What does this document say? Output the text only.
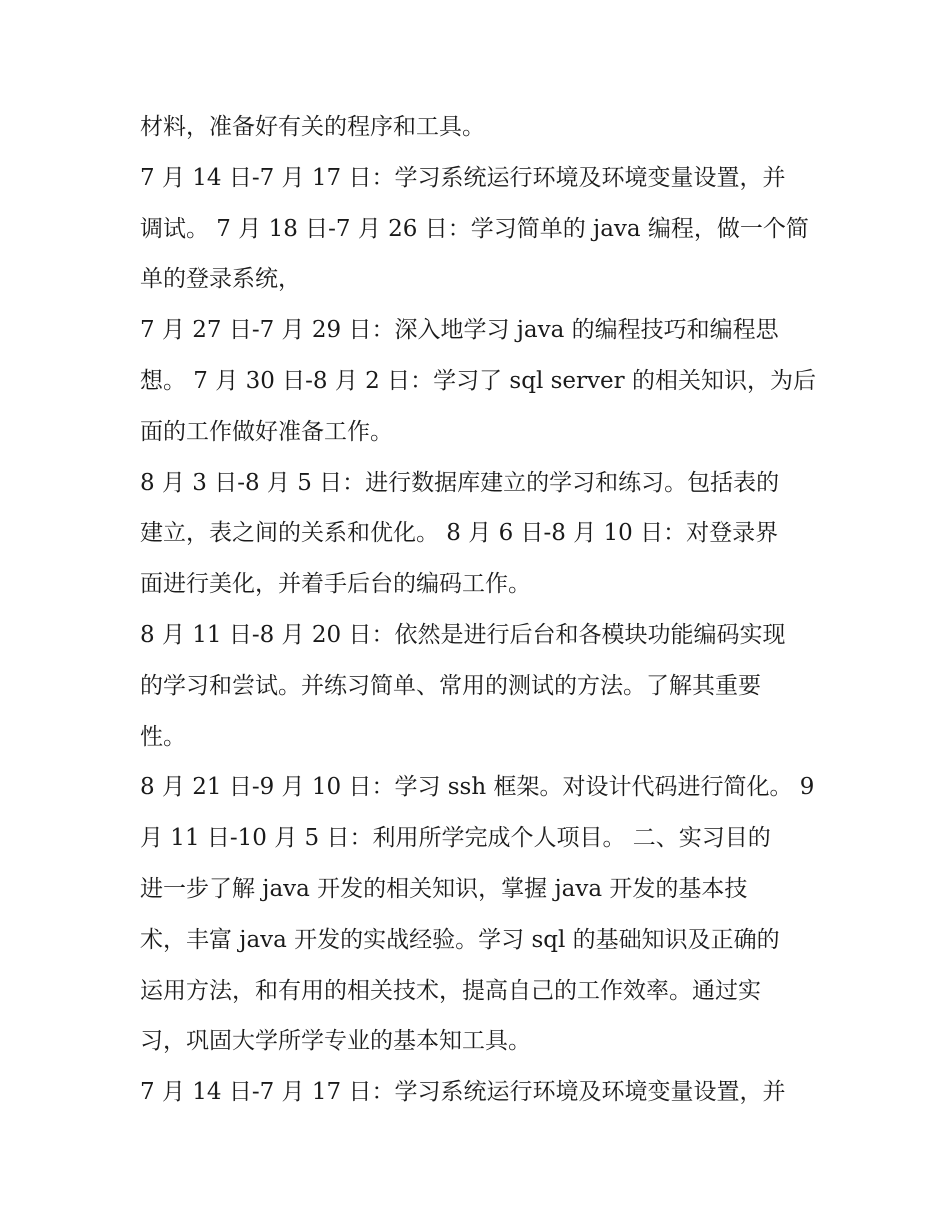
材料，准备好有关的程序和工具。
7 月 14 日-7 月 17 日：学习系统运行环境及环境变量设置，并
调试。 7 月 18 日-7 月 26 日：学习简单的 java 编程，做一个简
单的登录系统，
7 月 27 日-7 月 29 日：深入地学习 java 的编程技巧和编程思
想。 7 月 30 日-8 月 2 日：学习了 sql server 的相关知识，为后
面的工作做好准备工作。
8 月 3 日-8 月 5 日：进行数据库建立的学习和练习。包括表的
建立，表之间的关系和优化。 8 月 6 日-8 月 10 日：对登录界
面进行美化，并着手后台的编码工作。
8 月 11 日-8 月 20 日：依然是进行后台和各模块功能编码实现
的学习和尝试。并练习简单、常用的测试的方法。了解其重要
性。
8 月 21 日-9 月 10 日：学习 ssh 框架。对设计代码进行简化。 9
月 11 日-10 月 5 日：利用所学完成个人项目。 二、实习目的
进一步了解 java 开发的相关知识，掌握 java 开发的基本技
术，丰富 java 开发的实战经验。学习 sql 的基础知识及正确的
运用方法，和有用的相关技术，提高自己的工作效率。通过实
习，巩固大学所学专业的基本知工具。
7 月 14 日-7 月 17 日：学习系统运行环境及环境变量设置，并
